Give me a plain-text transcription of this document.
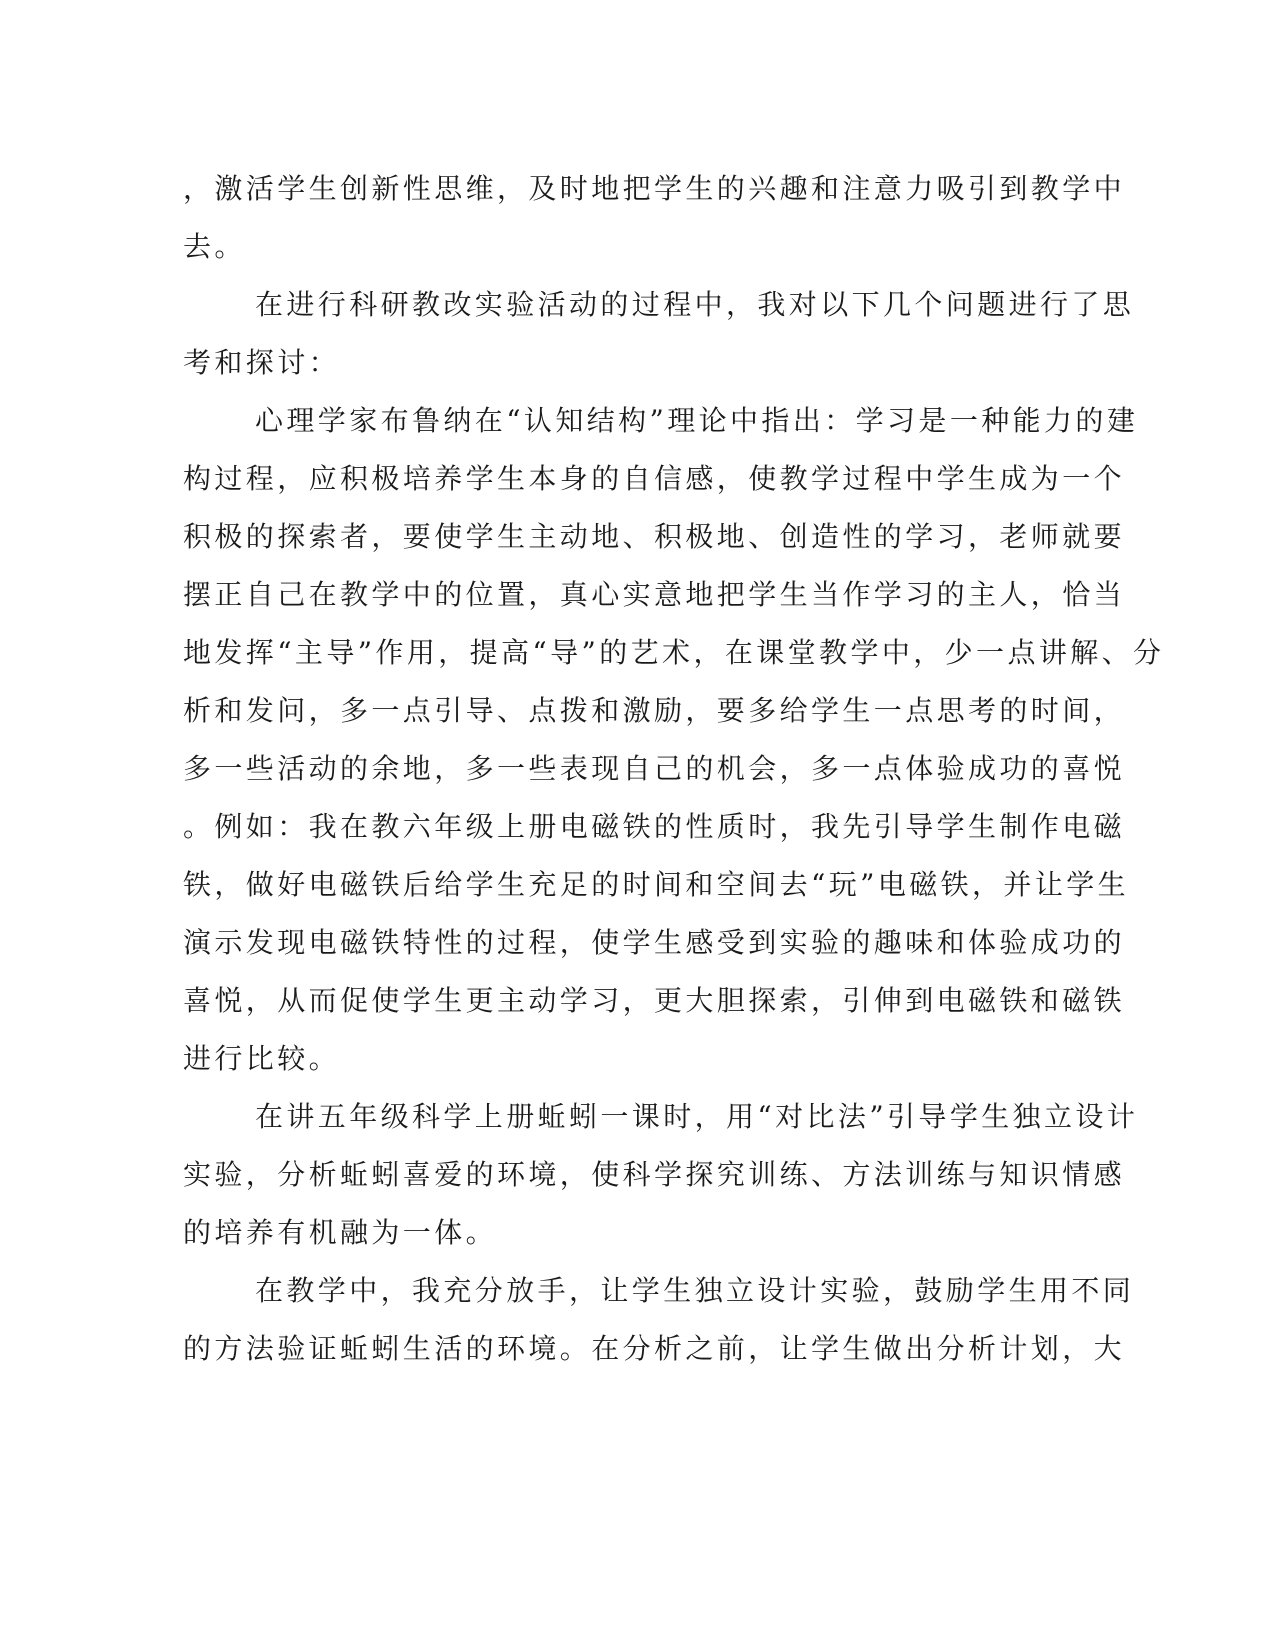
，激活学生创新性思维，及时地把学生的兴趣和注意力吸引到教学中
去。
在进行科研教改实验活动的过程中，我对以下几个问题进行了思
考和探讨：
心理学家布鲁纳在“认知结构”理论中指出：学习是一种能力的建
构过程，应积极培养学生本身的自信感，使教学过程中学生成为一个
积极的探索者，要使学生主动地、积极地、创造性的学习，老师就要
摆正自己在教学中的位置，真心实意地把学生当作学习的主人，恰当
地发挥“主导”作用，提高“导”的艺术，在课堂教学中，少一点讲解、分
析和发问，多一点引导、点拨和激励，要多给学生一点思考的时间，
多一些活动的余地，多一些表现自己的机会，多一点体验成功的喜悦
。例如：我在教六年级上册电磁铁的性质时，我先引导学生制作电磁
铁，做好电磁铁后给学生充足的时间和空间去“玩”电磁铁，并让学生
演示发现电磁铁特性的过程，使学生感受到实验的趣味和体验成功的
喜悦，从而促使学生更主动学习，更大胆探索，引伸到电磁铁和磁铁
进行比较。
在讲五年级科学上册蚯蚓一课时，用“对比法”引导学生独立设计
实验，分析蚯蚓喜爱的环境，使科学探究训练、方法训练与知识情感
的培养有机融为一体。
在教学中，我充分放手，让学生独立设计实验，鼓励学生用不同
的方法验证蚯蚓生活的环境。在分析之前，让学生做出分析计划，大
